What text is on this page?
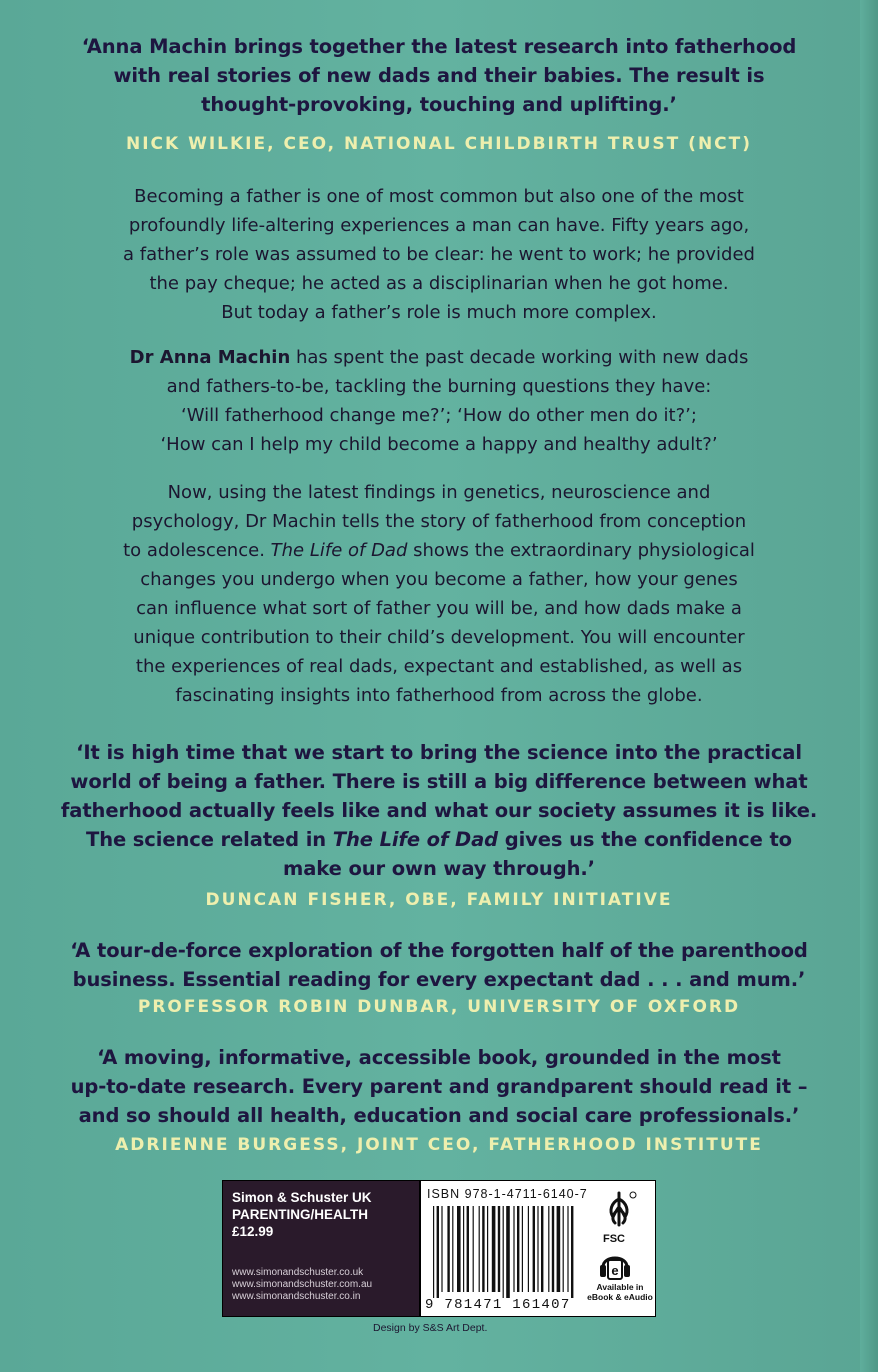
‘Anna Machin brings together the latest research into fatherhood
with real stories of new dads and their babies. The result is
thought-provoking, touching and uplifting.’
NICK WILKIE, CEO, NATIONAL CHILDBIRTH TRUST (NCT)
Becoming a father is one of most common but also one of the most
profoundly life-altering experiences a man can have. Fifty years ago,
a father’s role was assumed to be clear: he went to work; he provided
the pay cheque; he acted as a disciplinarian when he got home.
But today a father’s role is much more complex.
Dr Anna Machin has spent the past decade working with new dads
and fathers-to-be, tackling the burning questions they have:
‘Will fatherhood change me?’; ‘How do other men do it?’;
‘How can I help my child become a happy and healthy adult?’
Now, using the latest findings in genetics, neuroscience and
psychology, Dr Machin tells the story of fatherhood from conception
to adolescence. The Life of Dad shows the extraordinary physiological
changes you undergo when you become a father, how your genes
can influence what sort of father you will be, and how dads make a
unique contribution to their child’s development. You will encounter
the experiences of real dads, expectant and established, as well as
fascinating insights into fatherhood from across the globe.
‘It is high time that we start to bring the science into the practical
world of being a father. There is still a big difference between what
fatherhood actually feels like and what our society assumes it is like.
The science related in The Life of Dad gives us the confidence to
make our own way through.’
DUNCAN FISHER, OBE, FAMILY INITIATIVE
‘A tour-de-force exploration of the forgotten half of the parenthood
business. Essential reading for every expectant dad . . . and mum.’
PROFESSOR ROBIN DUNBAR, UNIVERSITY OF OXFORD
‘A moving, informative, accessible book, grounded in the most
up-to-date research. Every parent and grandparent should read it –
and so should all health, education and social care professionals.’
ADRIENNE BURGESS, JOINT CEO, FATHERHOOD INSTITUTE
Simon & Schuster UK
PARENTING/HEALTH
£12.99
www.simonandschuster.co.uk
www.simonandschuster.com.au
www.simonandschuster.co.in
ISBN 978-1-4711-6140-7
9 781471 161407
FSC
e
Available in
eBook & eAudio
Design by S&S Art Dept.
